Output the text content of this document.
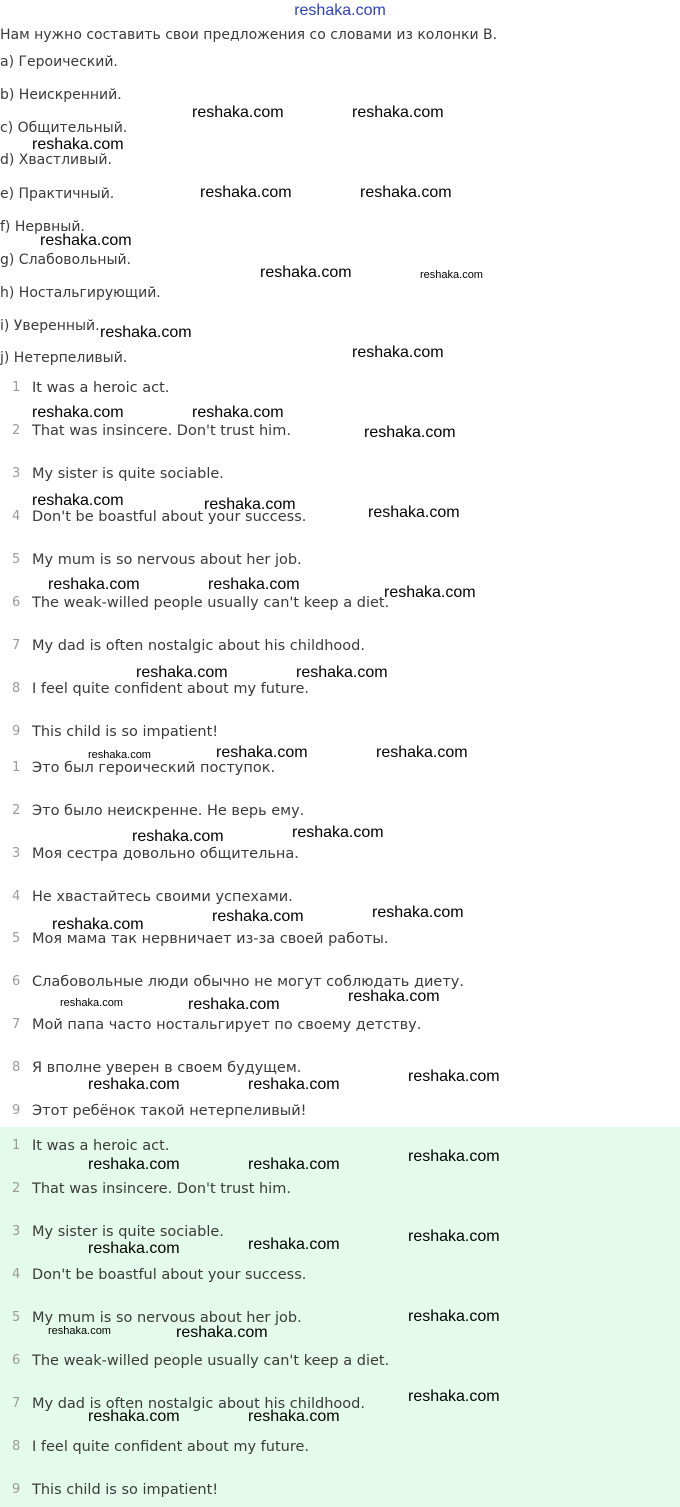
reshaka.com
Нам нужно составить свои предложения со словами из колонки B.
a) Героический.
b) Неискренний.
c) Общительный.
d) Хвастливый.
e) Практичный.
f) Нервный.
g) Слабовольный.
h) Ностальгирующий.
i) Уверенный.
j) Нетерпеливый.
1 It was a heroic act.
2 That was insincere. Don't trust him.
3 My sister is quite sociable.
4 Don't be boastful about your success.
5 My mum is so nervous about her job.
6 The weak-willed people usually can't keep a diet.
7 My dad is often nostalgic about his childhood.
8 I feel quite confident about my future.
9 This child is so impatient!
1 Это был героический поступок.
2 Это было неискренне. Не верь ему.
3 Моя сестра довольно общительна.
4 Не хвастайтесь своими успехами.
5 Моя мама так нервничает из-за своей работы.
6 Слабовольные люди обычно не могут соблюдать диету.
7 Мой папа часто ностальгирует по своему детству.
8 Я вполне уверен в своем будущем.
9 Этот ребёнок такой нетерпеливый!
1 It was a heroic act.
2 That was insincere. Don't trust him.
3 My sister is quite sociable.
4 Don't be boastful about your success.
5 My mum is so nervous about her job.
6 The weak-willed people usually can't keep a diet.
7 My dad is often nostalgic about his childhood.
8 I feel quite confident about my future.
9 This child is so impatient!
reshaka.com	reshaka.com
reshaka.com
reshaka.com	reshaka.com
reshaka.com
reshaka.com	reshaka.com
reshaka.com
reshaka.com
reshaka.com	reshaka.com
reshaka.com
reshaka.com	reshaka.com	reshaka.com
reshaka.com	reshaka.com	reshaka.com
reshaka.com	reshaka.com
reshaka.com	reshaka.com	reshaka.com
reshaka.com	reshaka.com
reshaka.com	reshaka.com	reshaka.com
reshaka.com	reshaka.com	reshaka.com
reshaka.com	reshaka.com	reshaka.com
reshaka.com	reshaka.com	reshaka.com
reshaka.com	reshaka.com	reshaka.com
reshaka.com	reshaka.com
reshaka.com
reshaka.com
reshaka.com	reshaka.com
